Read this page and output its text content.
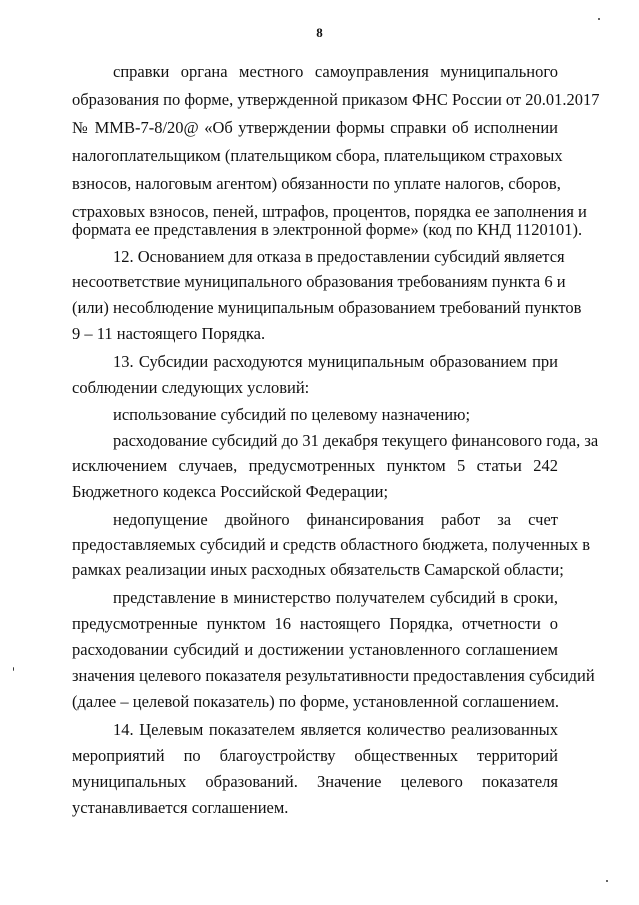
8
справки органа местного самоуправления муниципального
образования по форме, утвержденной приказом ФНС России от 20.01.2017
№ ММВ-7-8/20@ «Об утверждении формы справки об исполнении
налогоплательщиком (плательщиком сбора, плательщиком страховых
взносов, налоговым агентом) обязанности по уплате налогов, сборов,
страховых взносов, пеней, штрафов, процентов, порядка ее заполнения и
формата ее представления в электронной форме» (код по КНД 1120101).
12. Основанием для отказа в предоставлении субсидий является
несоответствие муниципального образования требованиям пункта 6 и
(или) несоблюдение муниципальным образованием требований пунктов
9 – 11 настоящего Порядка.
13. Субсидии расходуются муниципальным образованием при
соблюдении следующих условий:
использование субсидий по целевому назначению;
расходование субсидий до 31 декабря текущего финансового года, за
исключением случаев, предусмотренных пунктом 5 статьи 242
Бюджетного кодекса Российской Федерации;
недопущение двойного финансирования работ за счет
предоставляемых субсидий и средств областного бюджета, полученных в
рамках реализации иных расходных обязательств Самарской области;
представление в министерство получателем субсидий в сроки,
предусмотренные пунктом 16 настоящего Порядка, отчетности о
расходовании субсидий и достижении установленного соглашением
значения целевого показателя результативности предоставления субсидий
(далее – целевой показатель) по форме, установленной соглашением.
14. Целевым показателем является количество реализованных
мероприятий по благоустройству общественных территорий
муниципальных образований. Значение целевого показателя
устанавливается соглашением.
